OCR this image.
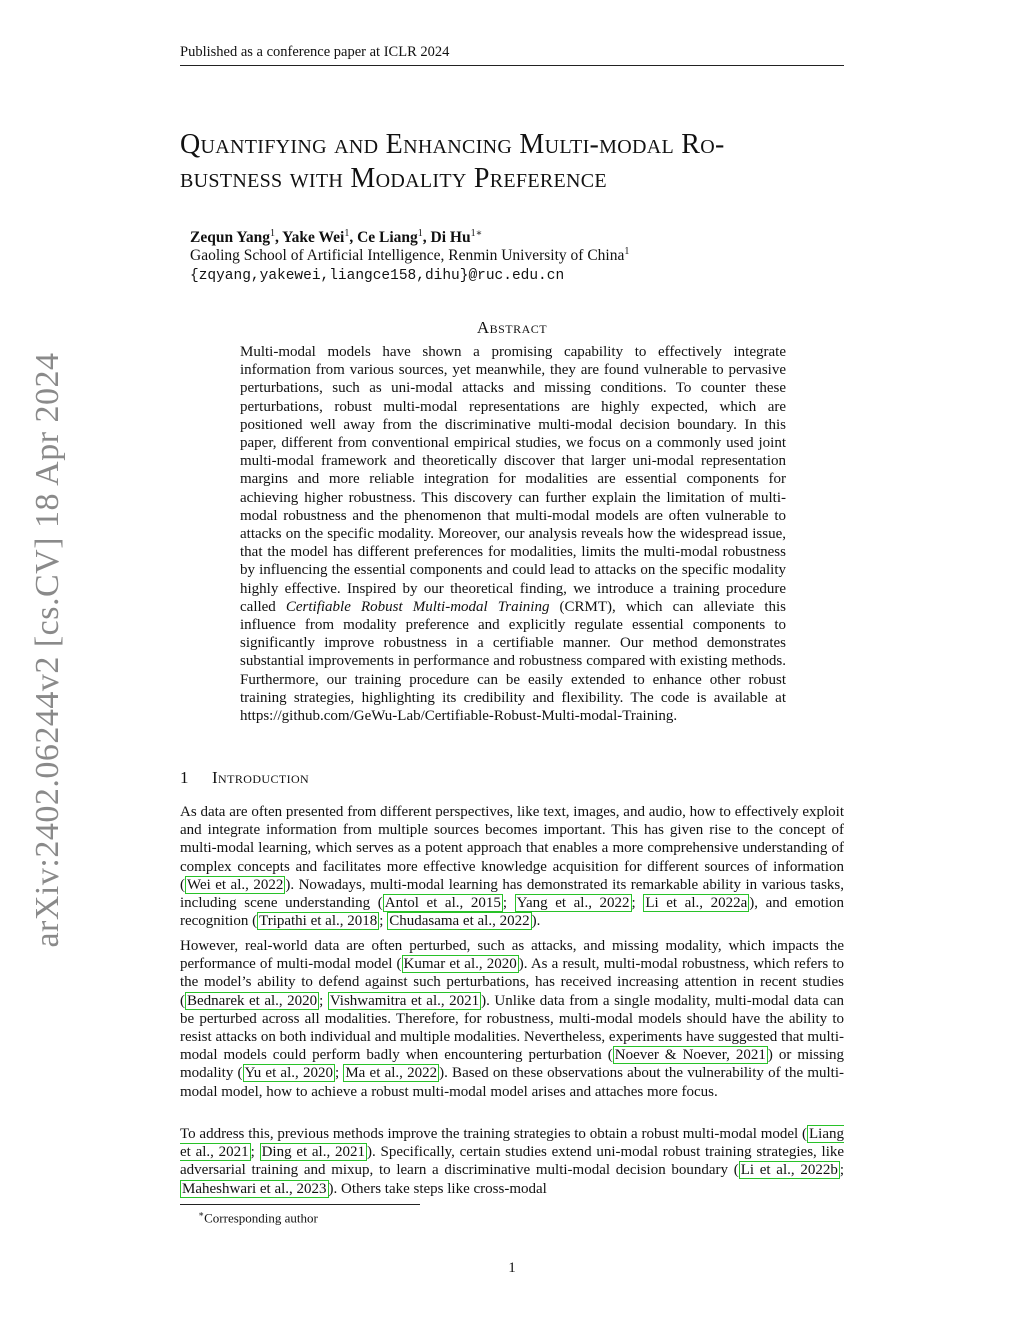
Published as a conference paper at ICLR 2024
arXiv:2402.06244v2 [cs.CV] 18 Apr 2024
Quantifying and Enhancing Multi-modal Ro-
bustness with Modality Preference
Zequn Yang$^1$, Yake Wei$^1$, Ce Liang$^1$, Di $Hu^{1∗}$
Gaoling School of Artificial Intelligence, Renmin University of China$^1$
{zqyang,yakewei,liangce158,dihu}@ruc.edu.cn
Abstract

Multi-modal models have shown a promising capability to effectively integrate information from various sources, yet meanwhile, they are found vulnerable to pervasive perturbations, such as uni-modal attacks and missing conditions. To counter these perturbations, robust multi-modal representations are highly expected, which are positioned well away from the discriminative multi-modal decision boundary. In this paper, different from conventional empirical studies, we focus on a commonly used joint multi-modal framework and theoretically discover that larger uni-modal representation margins and more reliable integration for modalities are essential components for achieving higher robustness. This discovery can further explain the limitation of multi-modal robustness and the phenomenon that multi-modal models are often vulnerable to attacks on the specific modality. Moreover, our analysis reveals how the widespread issue, that the model has different preferences for modalities, limits the multi-modal robustness by influencing the essential components and could lead to attacks on the specific modality highly effective. Inspired by our theoretical finding, we introduce a training procedure called Certifiable Robust Multi-modal Training (CRMT), which can alleviate this influence from modality preference and explicitly regulate essential components to significantly improve robustness in a certifiable manner. Our method demonstrates substantial improvements in performance and robustness compared with existing methods. Furthermore, our training procedure can be easily extended to enhance other robust training strategies, highlighting its credibility and flexibility. The code is available at https://github.com/GeWu-Lab/Certifiable-Robust-Multi-modal-Training.

1 Introduction

As data are often presented from different perspectives, like text, images, and audio, how to effectively exploit and integrate information from multiple sources becomes important. This has given rise to the concept of multi-modal learning, which serves as a potent approach that enables a more comprehensive understanding of complex concepts and facilitates more effective knowledge acquisition for different sources of information ( Wei et al., 2022 ). Nowadays, multi-modal learning has demonstrated its remarkable ability in various tasks, including scene understanding ( Antol et al., 2015 ; Yang et al., 2022 ; Li et al., 2022a ), and emotion recognition ( Tripathi et al., 2018 ; Chudasama et al., 2022 ).

However, real-world data are often perturbed, such as attacks, and missing modality, which impacts the performance of multi-modal model ( Kumar et al., 2020 ). As a result, multi-modal robustness, which refers to the model’s ability to defend against such perturbations, has received increasing attention in recent studies ( Bednarek et al., 2020 ; Vishwamitra et al., 2021 ). Unlike data from a single modality, multi-modal data can be perturbed across all modalities. Therefore, for robustness, multi-modal models should have the ability to resist attacks on both individual and multiple modalities. Nevertheless, experiments have suggested that multi-modal models could perform badly when encountering perturbation ( Noever & Noever, 2021 ) or missing modality ( Yu et al., 2020 ; Ma et al., 2022 ). Based on these observations about the vulnerability of the multi-modal model, how to achieve a robust multi-modal model arises and attaches more focus.

To address this, previous methods improve the training strategies to obtain a robust multi-modal model ( Liang et al., 2021 ; Ding et al., 2021 ). Specifically, certain studies extend uni-modal robust training strategies, like adversarial training and mixup, to learn a discriminative multi-modal decision boundary ( Li et al., 2022b ; Maheshwari et al., 2023 ). Others take steps like cross-modal

∗Corresponding author
1
